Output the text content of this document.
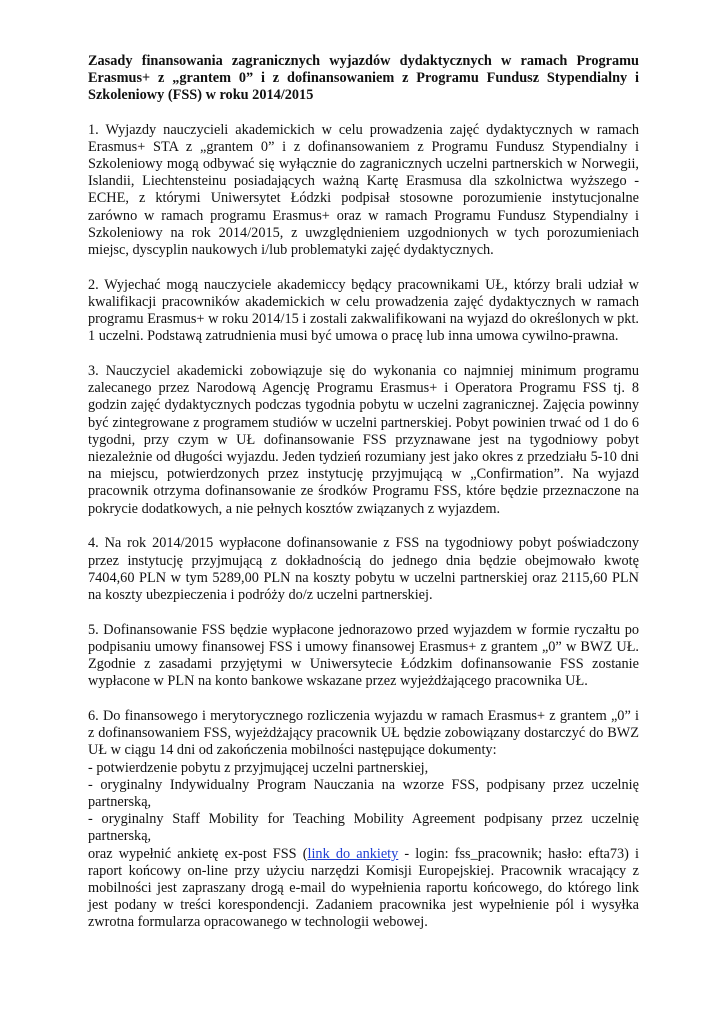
Zasady finansowania zagranicznych wyjazdów dydaktycznych w ramach Programu Erasmus+ z „grantem 0” i z dofinansowaniem z Programu Fundusz Stypendialny i Szkoleniowy (FSS) w roku 2014/2015

1. Wyjazdy nauczycieli akademickich w celu prowadzenia zajęć dydaktycznych w ramach Erasmus+ STA z „grantem 0” i z dofinansowaniem z Programu Fundusz Stypendialny i Szkoleniowy mogą odbywać się wyłącznie do zagranicznych uczelni partnerskich w Norwegii, Islandii, Liechtensteinu posiadających ważną Kartę Erasmusa dla szkolnictwa wyższego - ECHE, z którymi Uniwersytet Łódzki podpisał stosowne porozumienie instytucjonalne zarówno w ramach programu Erasmus+ oraz w ramach Programu Fundusz Stypendialny i Szkoleniowy na rok 2014/2015, z uwzględnieniem uzgodnionych w tych porozumieniach miejsc, dyscyplin naukowych i/lub problematyki zajęć dydaktycznych.

2. Wyjechać mogą nauczyciele akademiccy będący pracownikami UŁ, którzy brali udział w kwalifikacji pracowników akademickich w celu prowadzenia zajęć dydaktycznych w ramach programu Erasmus+ w roku 2014/15 i zostali zakwalifikowani na wyjazd do określonych w pkt. 1 uczelni. Podstawą zatrudnienia musi być umowa o pracę lub inna umowa cywilno-prawna.

3. Nauczyciel akademicki zobowiązuje się do wykonania co najmniej minimum programu zalecanego przez Narodową Agencję Programu Erasmus+ i Operatora Programu FSS tj. 8 godzin zajęć dydaktycznych podczas tygodnia pobytu w uczelni zagranicznej. Zajęcia powinny być zintegrowane z programem studiów w uczelni partnerskiej. Pobyt powinien trwać od 1 do 6 tygodni, przy czym w UŁ dofinansowanie FSS przyznawane jest na tygodniowy pobyt niezależnie od długości wyjazdu. Jeden tydzień rozumiany jest jako okres z przedziału 5-10 dni na miejscu, potwierdzonych przez instytucję przyjmującą w „Confirmation”. Na wyjazd pracownik otrzyma dofinansowanie ze środków Programu FSS, które będzie przeznaczone na pokrycie dodatkowych, a nie pełnych kosztów związanych z wyjazdem.

4. Na rok 2014/2015 wypłacone dofinansowanie z FSS na tygodniowy pobyt poświadczony przez instytucję przyjmującą z dokładnością do jednego dnia będzie obejmowało kwotę 7404,60 PLN w tym 5289,00 PLN na koszty pobytu w uczelni partnerskiej oraz 2115,60 PLN na koszty ubezpieczenia i podróży do/z uczelni partnerskiej.

5. Dofinansowanie FSS będzie wypłacone jednorazowo przed wyjazdem w formie ryczałtu po podpisaniu umowy finansowej FSS i umowy finansowej Erasmus+ z grantem „0” w BWZ UŁ. Zgodnie z zasadami przyjętymi w Uniwersytecie Łódzkim dofinansowanie FSS zostanie wypłacone w PLN na konto bankowe wskazane przez wyjeżdżającego pracownika UŁ.

6. Do finansowego i merytorycznego rozliczenia wyjazdu w ramach Erasmus+ z grantem „0” i z dofinansowaniem FSS, wyjeżdżający pracownik UŁ będzie zobowiązany dostarczyć do BWZ UŁ w ciągu 14 dni od zakończenia mobilności następujące dokumenty:
- potwierdzenie pobytu z przyjmującej uczelni partnerskiej,
- oryginalny Indywidualny Program Nauczania na wzorze FSS, podpisany przez uczelnię partnerską,
- oryginalny Staff Mobility for Teaching Mobility Agreement podpisany przez uczelnię partnerską,
oraz wypełnić ankietę ex-post FSS (link do ankiety - login: fss_pracownik; hasło: efta73) i raport końcowy on-line przy użyciu narzędzi Komisji Europejskiej. Pracownik wracający z mobilności jest zapraszany drogą e-mail do wypełnienia raportu końcowego, do którego link jest podany w treści korespondencji. Zadaniem pracownika jest wypełnienie pól i wysyłka zwrotna formularza opracowanego w technologii webowej.
